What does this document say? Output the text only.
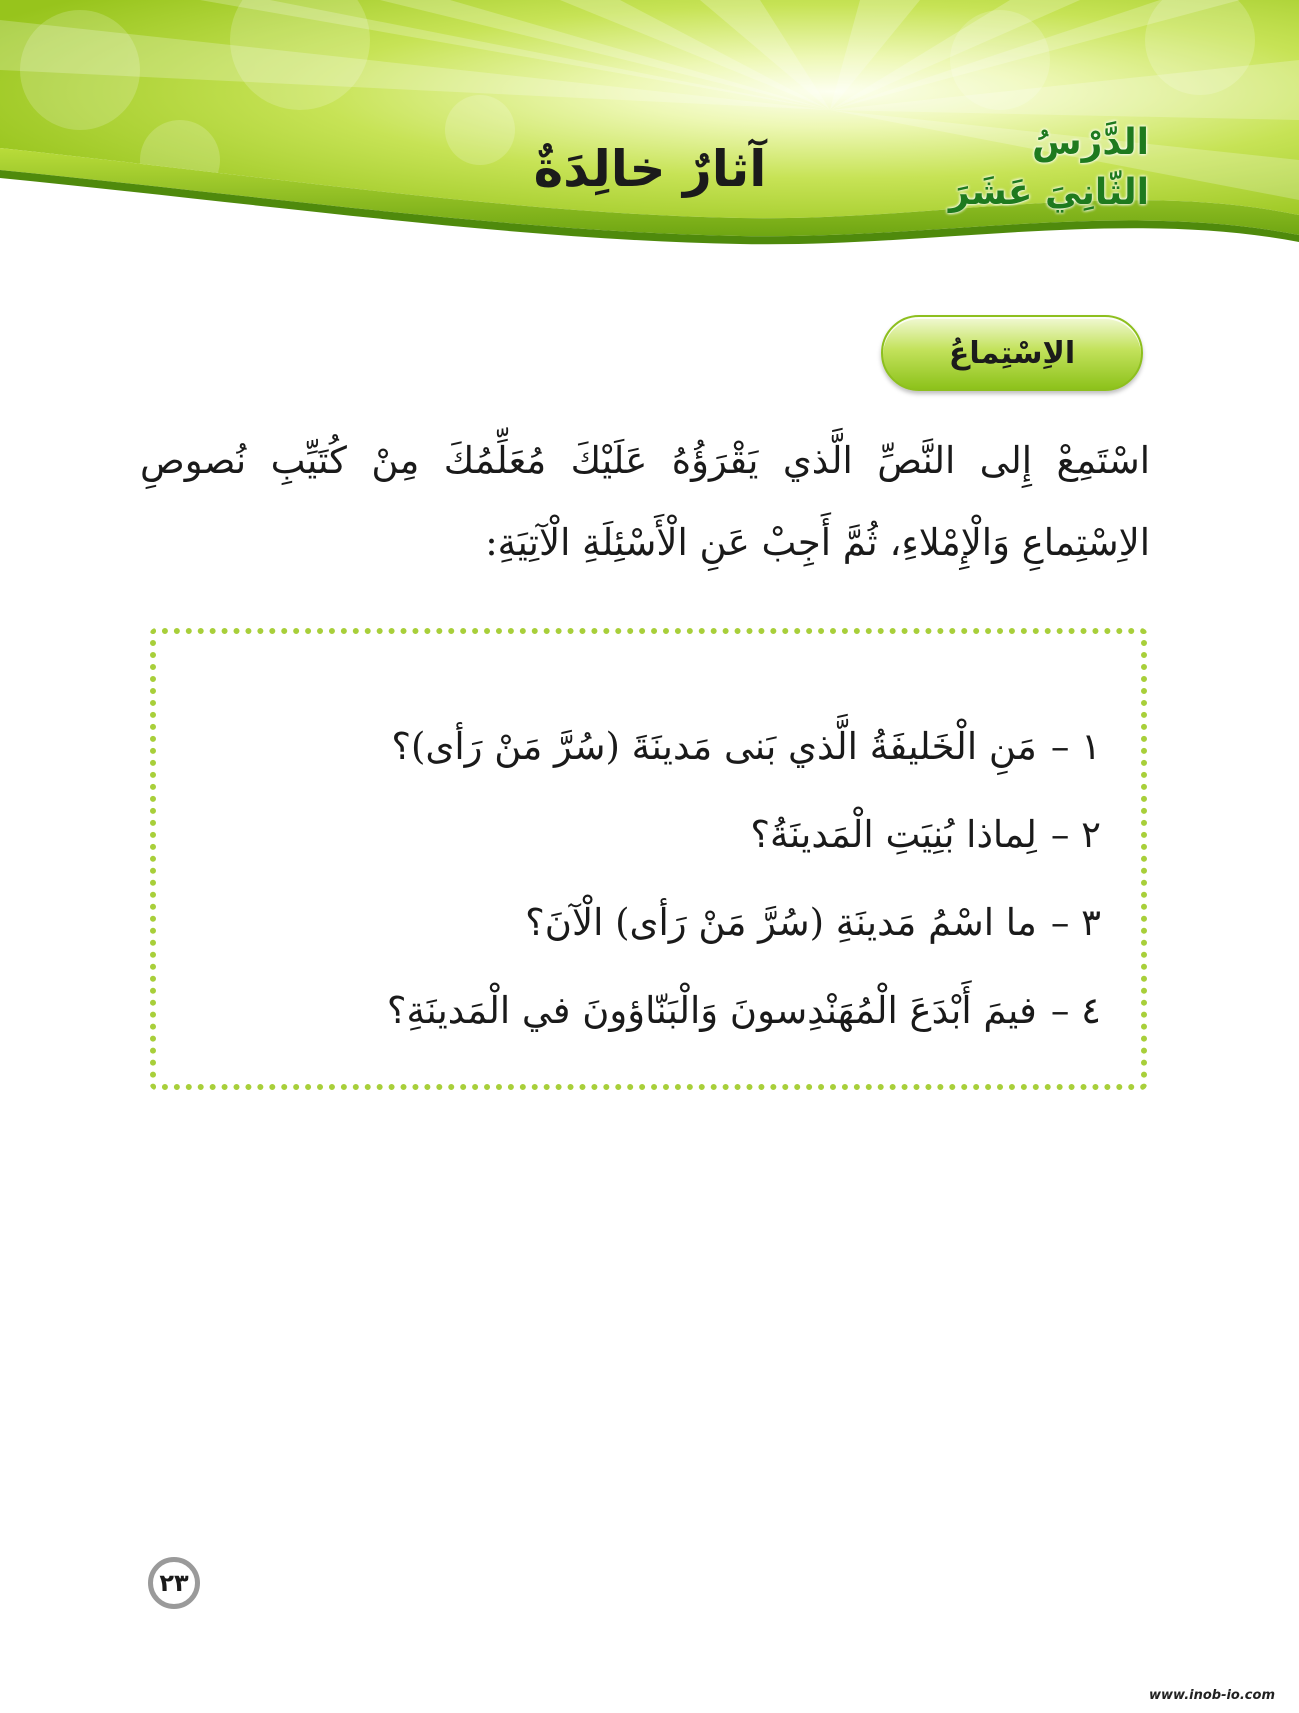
آثارٌ خالِدَةٌ	الدَّرْسُ
الثّانِيَ عَشَرَ
الاِسْتِماعُ

اسْتَمِعْ إِلى النَّصِّ الَّذي يَقْرَؤُهُ عَلَيْكَ مُعَلِّمُكَ مِنْ كُتَيِّبِ نُصوصِ الاِسْتِماعِ وَالْإِمْلاءِ، ثُمَّ أَجِبْ عَنِ الْأَسْئِلَةِ الْآتِيَةِ:

١ –
مَنِ الْخَليفَةُ الَّذي بَنى مَدينَةَ (سُرَّ مَنْ رَأى)؟
٢ –
لِماذا بُنِيَتِ الْمَدينَةُ؟
٣ –
ما اسْمُ مَدينَةِ (سُرَّ مَنْ رَأى) الْآنَ؟
٤ –
فيمَ أَبْدَعَ الْمُهَنْدِسونَ وَالْبَنّاؤونَ في الْمَدينَةِ؟
٢٣
www.inob-io.com
